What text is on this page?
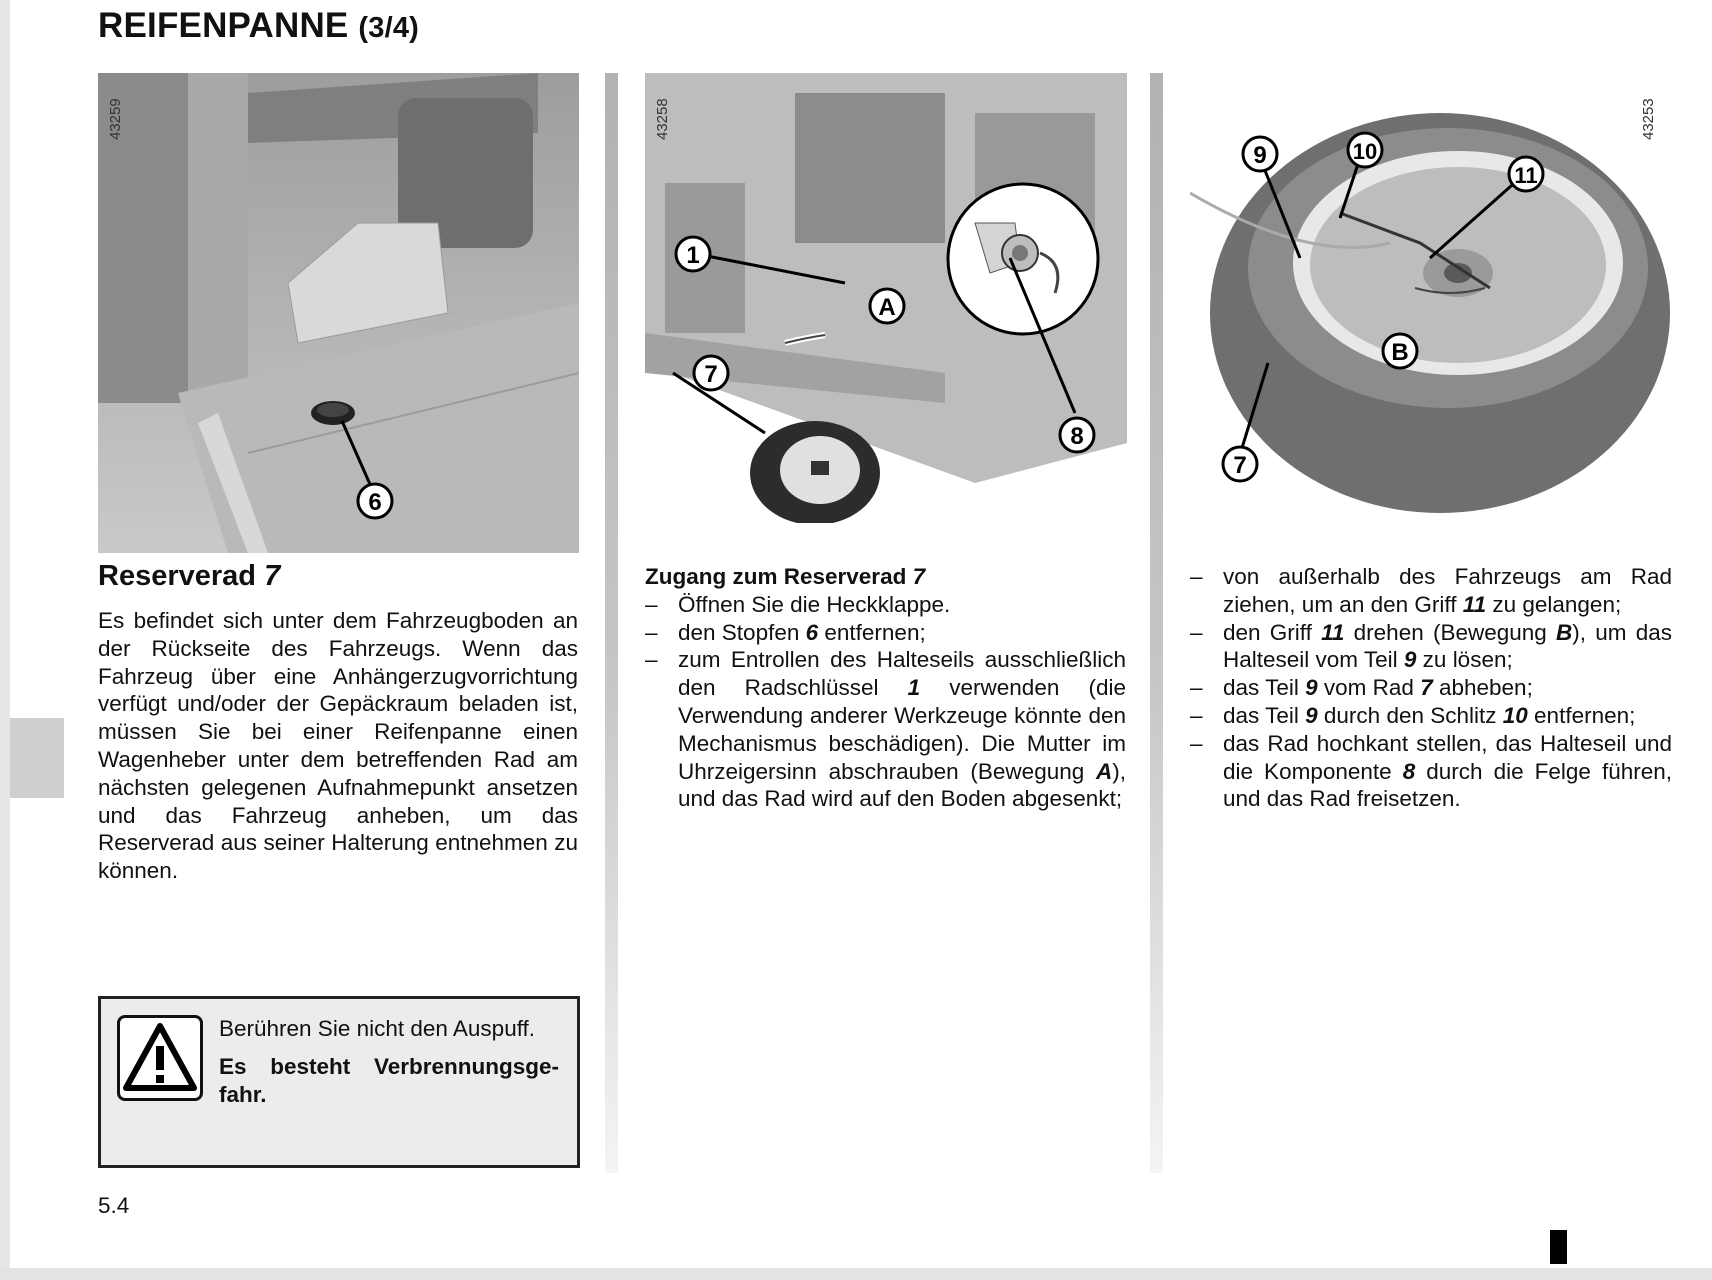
REIFENPANNE (3/4)
6
43259
1
A
7
8
43258
9	10
11
B
7
43253
Reserverad 7

Es befindet sich unter dem Fahrzeugboden an der Rückseite des Fahrzeugs. Wenn das Fahrzeug über eine Anhängerzugvorrichtung verfügt und/oder der Gepäckraum beladen ist, müssen Sie bei einer Reifenpanne einen Wagenheber unter dem betreffenden Rad am nächsten gelegenen Aufnahmepunkt ansetzen und das Fahrzeug anheben, um das Reserverad aus seiner Halterung entnehmen zu können.

Zugang zum Reserverad 7

– Öffnen Sie die Heckklappe.
– den Stopfen 6 entfernen;
– zum Entrollen des Halteseils ausschließlich den Radschlüssel 1 verwenden (die Verwendung anderer Werkzeuge könnte den Mechanismus beschädigen). Die Mutter im Uhrzeigersinn abschrauben (Bewegung A), und das Rad wird auf den Boden abgesenkt;
– von außerhalb des Fahrzeugs am Rad ziehen, um an den Griff 11 zu gelangen;
– den Griff 11 drehen (Bewegung B), um das Halteseil vom Teil 9 zu lösen;
– das Teil 9 vom Rad 7 abheben;
– das Teil 9 durch den Schlitz 10 entfernen;
– das Rad hochkant stellen, das Halteseil und die Komponente 8 durch die Felge führen, und das Rad freisetzen.

Berühren Sie nicht den Auspuff.

Es besteht Verbrennungsgefahr.

5.4
